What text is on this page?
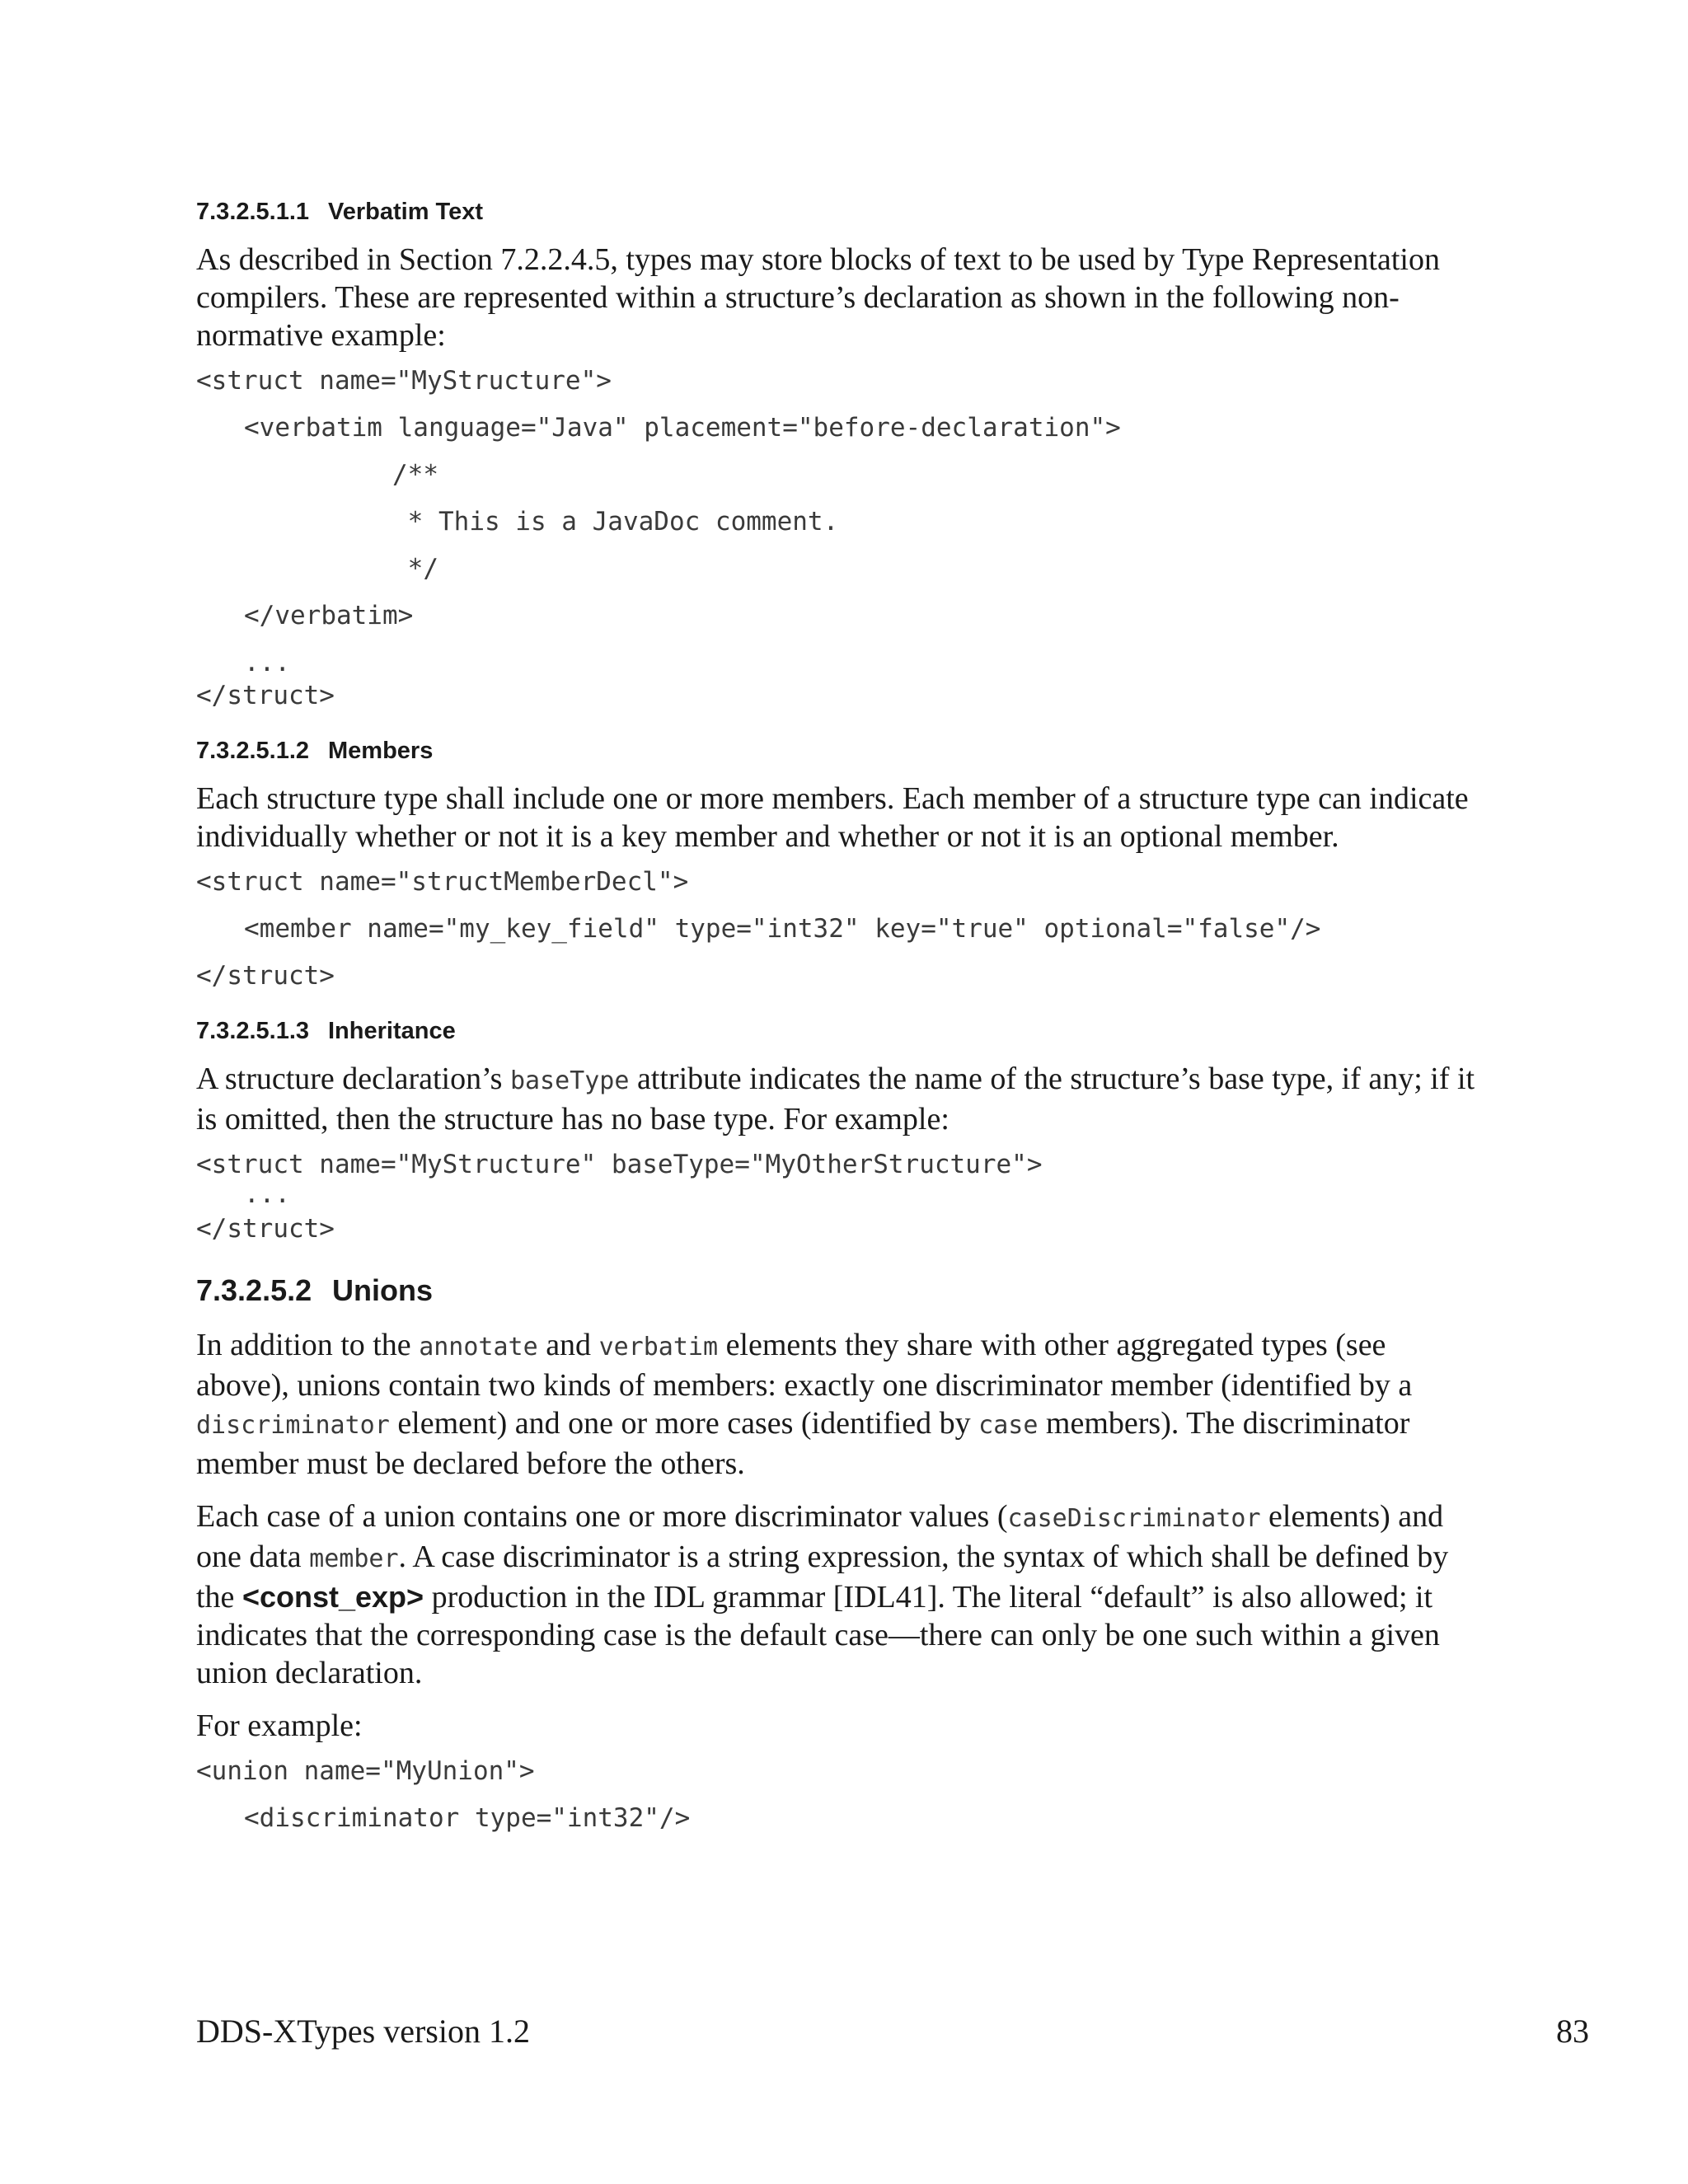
7.3.2.5.1.1 Verbatim Text

As described in Section 7.2.2.4.5, types may store blocks of text to be used by Type Representation compilers. These are represented within a structure’s declaration as shown in the following non-normative example:

<struct name="MyStructure">
<verbatim language="Java" placement="before-declaration">
/**
* This is a JavaDoc comment.
*/
</verbatim>
...
</struct>
7.3.2.5.1.2 Members

Each structure type shall include one or more members. Each member of a structure type can indicate individually whether or not it is a key member and whether or not it is an optional member.

<struct name="structMemberDecl">
<member name="my_key_field" type="int32" key="true" optional="false"/>
</struct>
7.3.2.5.1.3 Inheritance

A structure declaration’s baseType attribute indicates the name of the structure’s base type, if any; if it is omitted, then the structure has no base type. For example:

<struct name="MyStructure" baseType="MyOtherStructure">
...
</struct>
7.3.2.5.2 Unions

In addition to the annotate and verbatim elements they share with other aggregated types (see above), unions contain two kinds of members: exactly one discriminator member (identified by a discriminator element) and one or more cases (identified by case members). The discriminator member must be declared before the others.

Each case of a union contains one or more discriminator values (caseDiscriminator elements) and one data member. A case discriminator is a string expression, the syntax of which shall be defined by the <const_exp> production in the IDL grammar [IDL41]. The literal “default” is also allowed; it indicates that the corresponding case is the default case—there can only be one such within a given union declaration.

For example:

<union name="MyUnion">
<discriminator type="int32"/>
DDS-XTypes version 1.2	83
